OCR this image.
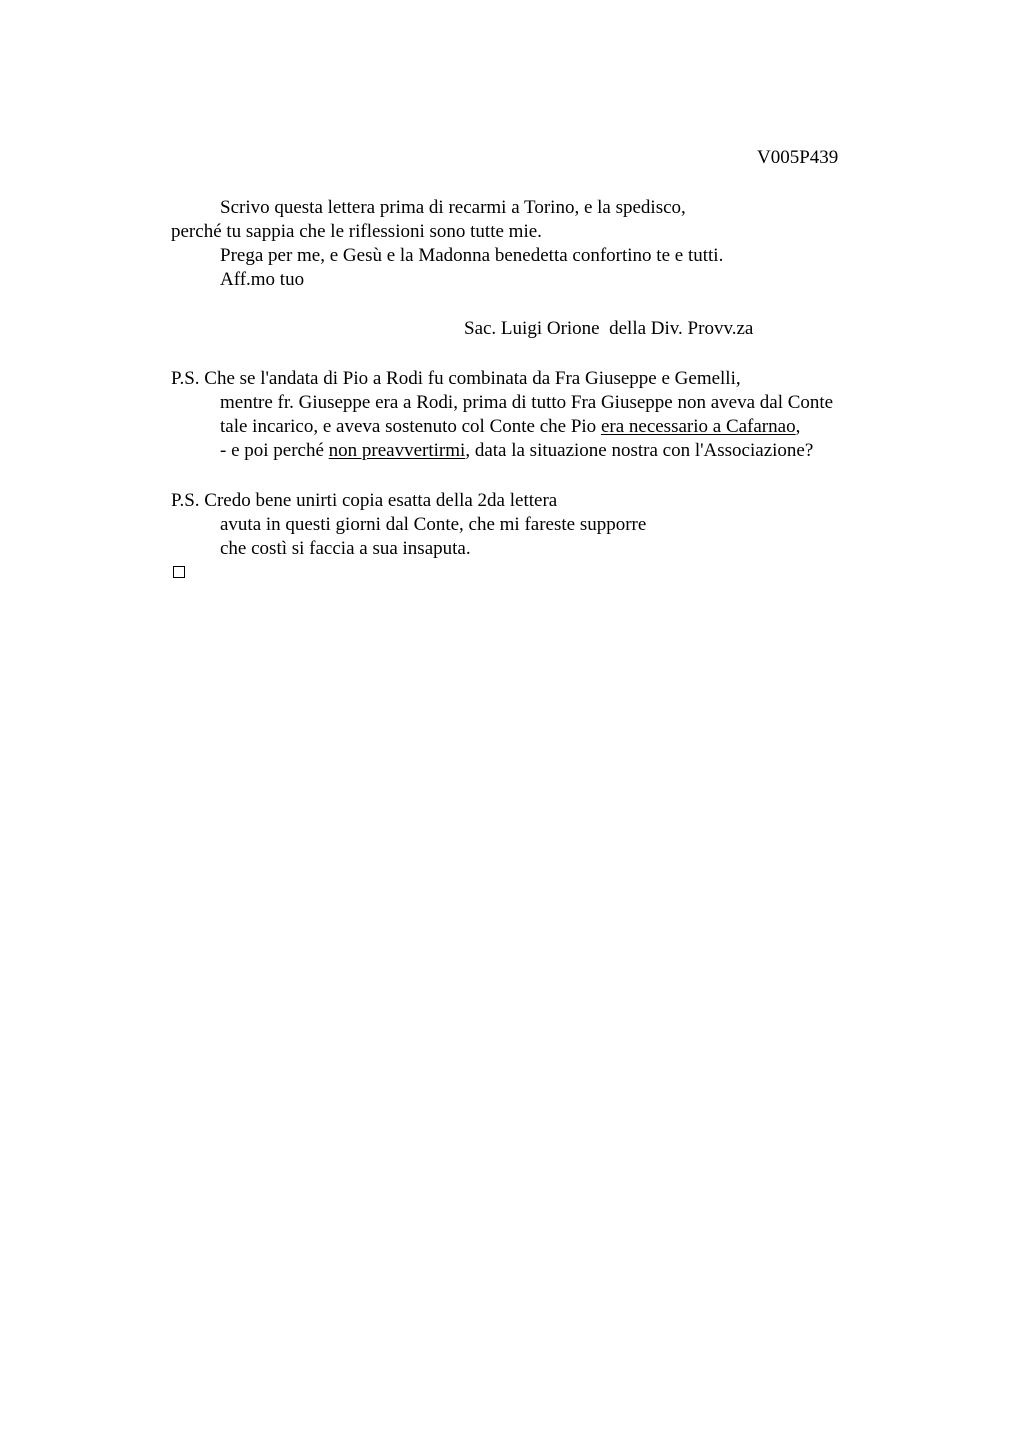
V005P439
Scrivo questa lettera prima di recarmi a Torino, e la spedisco,
perché tu sappia che le riflessioni sono tutte mie.
Prega per me, e Gesù e la Madonna benedetta confortino te e tutti.
Aff.mo tuo
Sac. Luigi Orione  della Div. Provv.za
P.S. Che se l'andata di Pio a Rodi fu combinata da Fra Giuseppe e Gemelli,
mentre fr. Giuseppe era a Rodi, prima di tutto Fra Giuseppe non aveva dal Conte
tale incarico, e aveva sostenuto col Conte che Pio era necessario a Cafarnao,
- e poi perché non preavvertirmi, data la situazione nostra con l'Associazione?
P.S. Credo bene unirti copia esatta della 2da lettera
avuta in questi giorni dal Conte, che mi fareste supporre
che costì si faccia a sua insaputa.
